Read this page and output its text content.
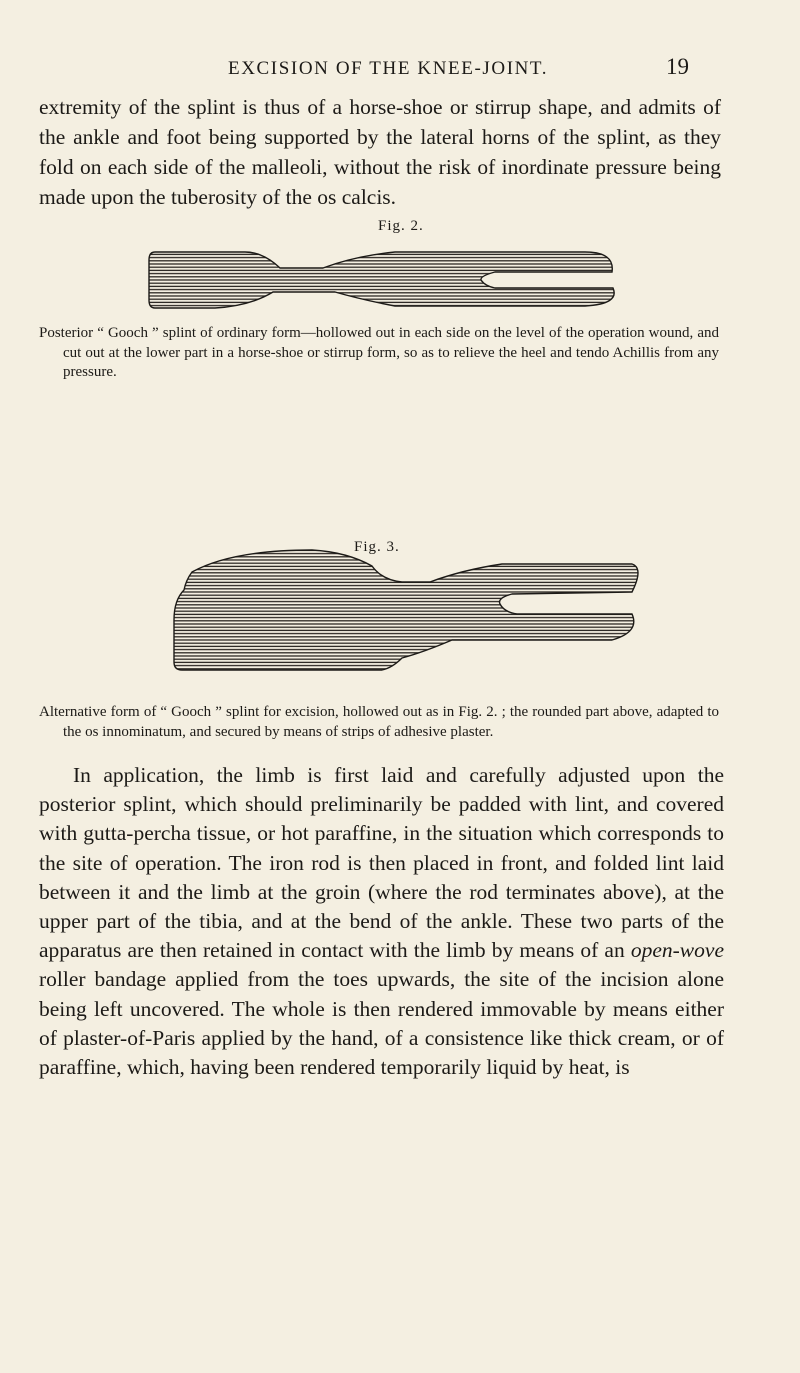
EXCISION OF THE KNEE-JOINT.	19
extremity of the splint is thus of a horse-shoe or stirrup shape, and admits of the ankle and foot being supported by the lateral horns of the splint, as they fold on each side of the malleoli, without the risk of inordinate pressure being made upon the tuberosity of the os calcis.
Fig. 2.
Posterior “ Gooch ” splint of ordinary form—hollowed out in each side on the level of the operation wound, and cut out at the lower part in a horse-shoe or stirrup form, so as to relieve the heel and tendo Achillis from any pressure.
Fig. 3.
Alternative form of “ Gooch ” splint for excision, hollowed out as in Fig. 2. ; the rounded part above, adapted to the os innominatum, and secured by means of strips of adhesive plaster.

In application, the limb is first laid and carefully adjusted upon the posterior splint, which should preliminarily be padded with lint, and covered with gutta-percha tissue, or hot paraffine, in the situation which corresponds to the site of operation. The iron rod is then placed in front, and folded lint laid between it and the limb at the groin (where the rod terminates above), at the upper part of the tibia, and at the bend of the ankle. These two parts of the apparatus are then retained in contact with the limb by means of an open-wove roller bandage applied from the toes upwards, the site of the incision alone being left uncovered. The whole is then rendered immovable by means either of plaster-of-Paris applied by the hand, of a consistence like thick cream, or of paraffine, which, having been rendered temporarily liquid by heat, is
